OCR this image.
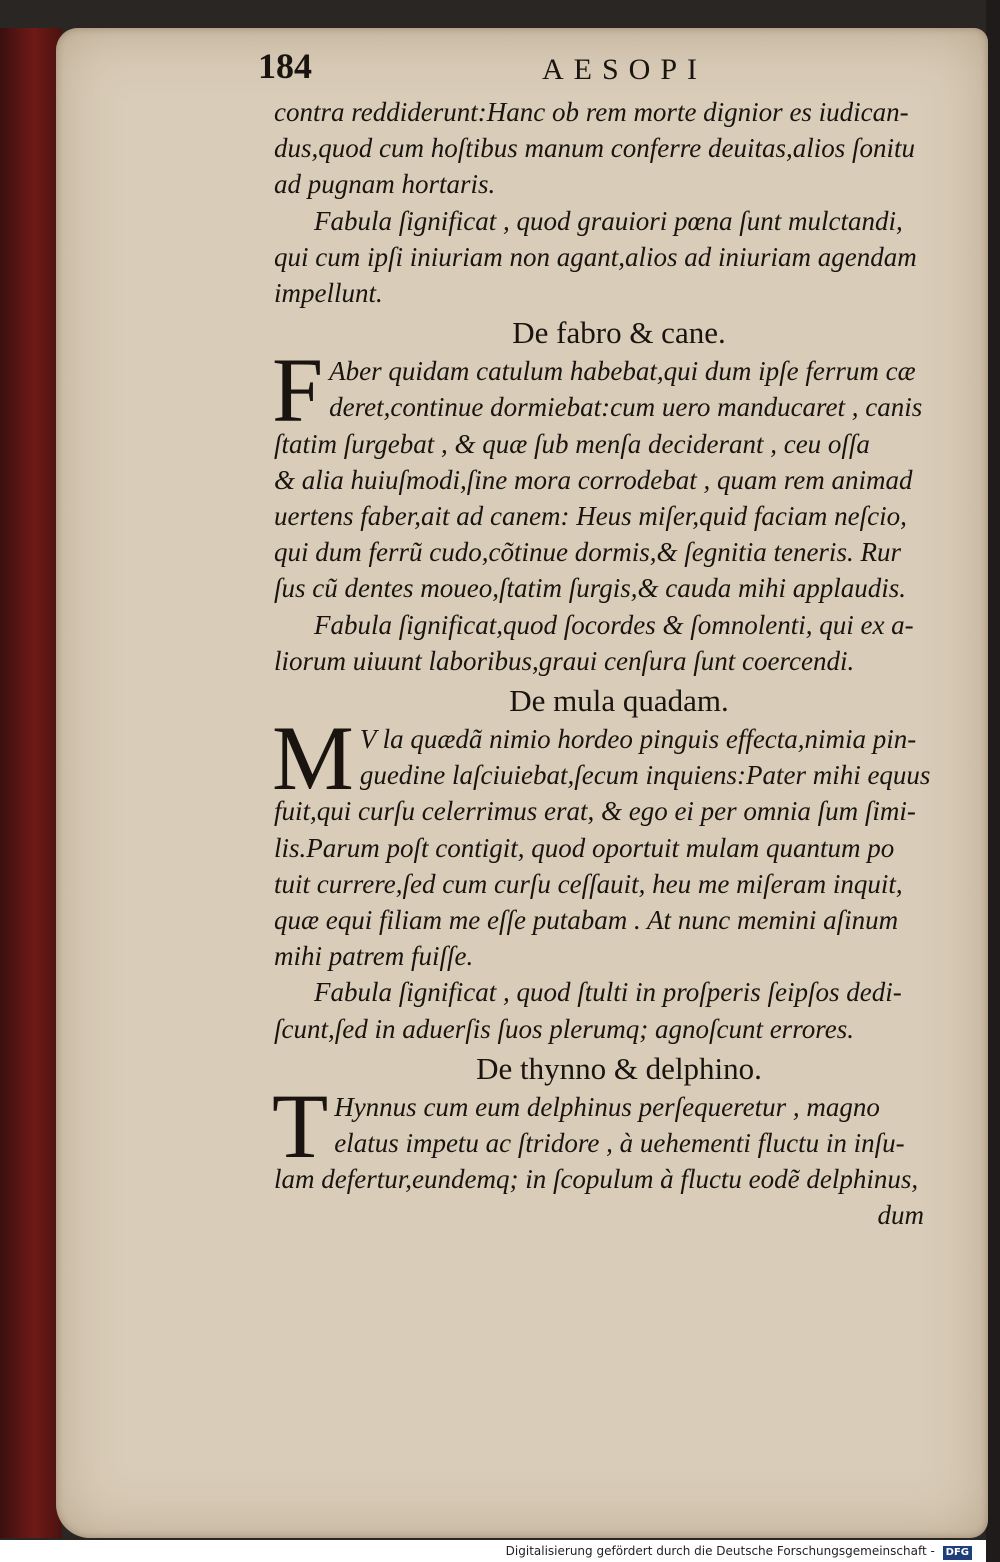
184	AESOPI
contra reddiderunt:Hanc ob rem morte dignior es iudican-
dus,quod cum hoſtibus manum conferre deuitas,alios ſonitu
ad pugnam hortaris.
Fabula ſignificat , quod grauiori pœna ſunt mulctandi,
qui cum ipſi iniuriam non agant,alios ad iniuriam agendam
impellunt.
De fabro & cane.
F Aber quidam catulum habebat,qui dum ipſe ferrum cæ
deret,continue dormiebat:cum uero manducaret , canis
ſtatim ſurgebat , & quæ ſub menſa deciderant , ceu oſſa
& alia huiuſmodi,ſine mora corrodebat , quam rem animad
uertens faber,ait ad canem: Heus miſer,quid faciam neſcio,
qui dum ferrũ cudo,cõtinue dormis,& ſegnitia teneris. Rur
ſus cũ dentes moueo,ſtatim ſurgis,& cauda mihi applaudis.
Fabula ſignificat,quod ſocordes & ſomnolenti, qui ex a-
liorum uiuunt laboribus,graui cenſura ſunt coercendi.
De mula quadam.
M V la quædã nimio hordeo pinguis effecta,nimia pin-
guedine laſciuiebat,ſecum inquiens:Pater mihi equus
fuit,qui curſu celerrimus erat, & ego ei per omnia ſum ſimi-
lis.Parum poſt contigit, quod oportuit mulam quantum po
tuit currere,ſed cum curſu ceſſauit, heu me miſeram inquit,
quæ equi filiam me eſſe putabam . At nunc memini aſinum
mihi patrem fuiſſe.
Fabula ſignificat , quod ſtulti in proſperis ſeipſos dedi-
ſcunt,ſed in aduerſis ſuos plerumq; agnoſcunt errores.
De thynno & delphino.
T Hynnus cum eum delphinus perſequeretur , magno
elatus impetu ac ſtridore , à uehementi fluctu in inſu-
lam defertur,eundemq; in ſcopulum à fluctu eodẽ delphinus,
dum
Digitalisierung gefördert durch die Deutsche Forschungsgemeinschaft - DFG
